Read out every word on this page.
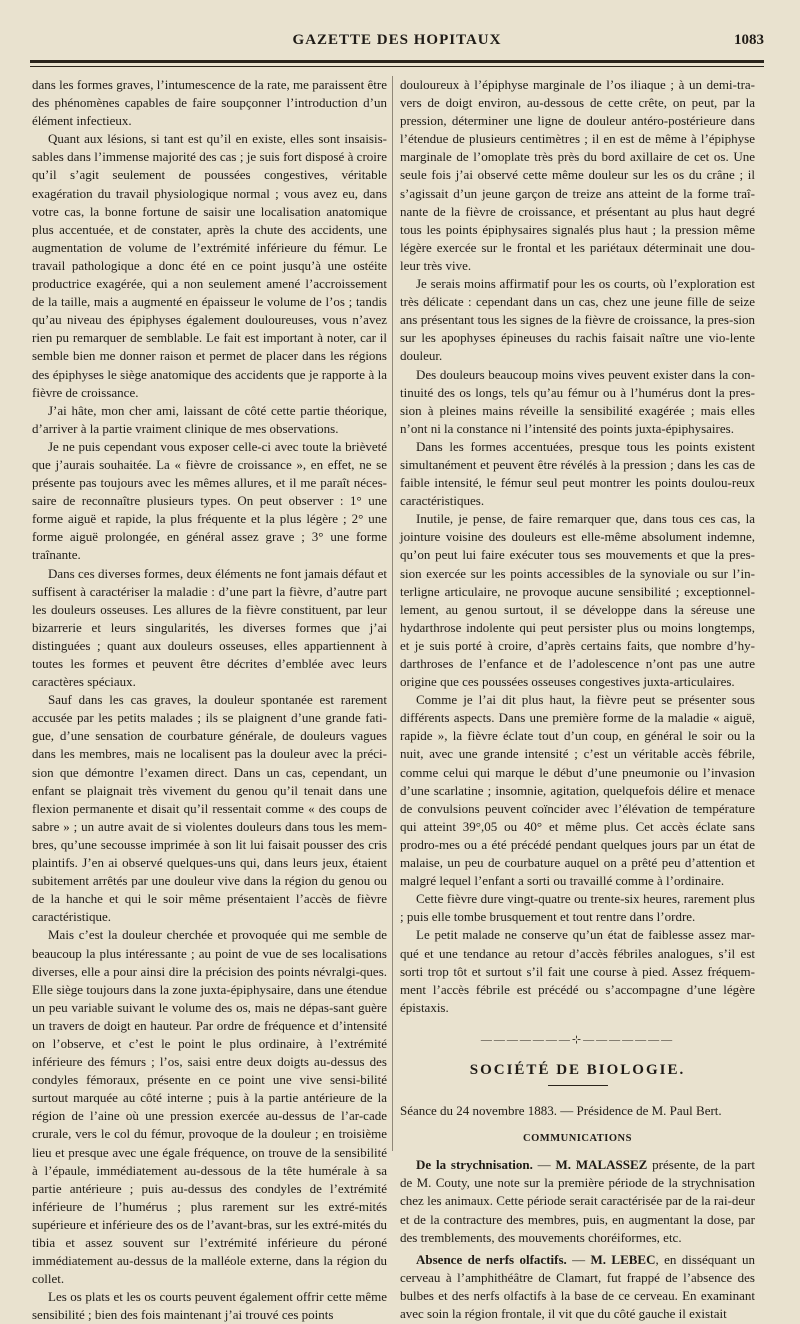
GAZETTE DES HOPITAUX	1083

dans les formes graves, l’intumescence de la rate, me paraissent être des phénomènes capables de faire soupçonner l’introduction d’un élément infectieux.

Quant aux lésions, si tant est qu’il en existe, elles sont insaisis-sables dans l’immense majorité des cas ; je suis fort disposé à croire qu’il s’agit seulement de poussées congestives, véritable exagération du travail physiologique normal ; vous avez eu, dans votre cas, la bonne fortune de saisir une localisation anatomique plus accentuée, et de constater, après la chute des accidents, une augmentation de volume de l’extrémité inférieure du fémur. Le travail pathologique a donc été en ce point jusqu’à une ostéite productrice exagérée, qui a non seulement amené l’accroissement de la taille, mais a augmenté en épaisseur le volume de l’os ; tandis qu’au niveau des épiphyses également douloureuses, vous n’avez rien pu remarquer de semblable. Le fait est important à noter, car il semble bien me donner raison et permet de placer dans les régions des épiphyses le siège anatomique des accidents que je rapporte à la fièvre de croissance.

J’ai hâte, mon cher ami, laissant de côté cette partie théorique, d’arriver à la partie vraiment clinique de mes observations.

Je ne puis cependant vous exposer celle-ci avec toute la brièveté que j’aurais souhaitée. La « fièvre de croissance », en effet, ne se présente pas toujours avec les mêmes allures, et il me paraît néces-saire de reconnaître plusieurs types. On peut observer : 1° une forme aiguë et rapide, la plus fréquente et la plus légère ; 2° une forme aiguë prolongée, en général assez grave ; 3° une forme traînante.

Dans ces diverses formes, deux éléments ne font jamais défaut et suffisent à caractériser la maladie : d’une part la fièvre, d’autre part les douleurs osseuses. Les allures de la fièvre constituent, par leur bizarrerie et leurs singularités, les diverses formes que j’ai distinguées ; quant aux douleurs osseuses, elles appartiennent à toutes les formes et peuvent être décrites d’emblée avec leurs caractères spéciaux.

Sauf dans les cas graves, la douleur spontanée est rarement accusée par les petits malades ; ils se plaignent d’une grande fati-gue, d’une sensation de courbature générale, de douleurs vagues dans les membres, mais ne localisent pas la douleur avec la préci-sion que démontre l’examen direct. Dans un cas, cependant, un enfant se plaignait très vivement du genou qu’il tenait dans une flexion permanente et disait qu’il ressentait comme « des coups de sabre » ; un autre avait de si violentes douleurs dans tous les mem-bres, qu’une secousse imprimée à son lit lui faisait pousser des cris plaintifs. J’en ai observé quelques-uns qui, dans leurs jeux, étaient subitement arrêtés par une douleur vive dans la région du genou ou de la hanche et qui le soir même présentaient l’accès de fièvre caractéristique.

Mais c’est la douleur cherchée et provoquée qui me semble de beaucoup la plus intéressante ; au point de vue de ses localisations diverses, elle a pour ainsi dire la précision des points névralgi-ques. Elle siège toujours dans la zone juxta-épiphysaire, dans une étendue un peu variable suivant le volume des os, mais ne dépas-sant guère un travers de doigt en hauteur. Par ordre de fréquence et d’intensité on l’observe, et c’est le point le plus ordinaire, à l’extrémité inférieure des fémurs ; l’os, saisi entre deux doigts au-dessus des condyles fémoraux, présente en ce point une vive sensi-bilité surtout marquée au côté interne ; puis à la partie antérieure de la région de l’aine où une pression exercée au-dessus de l’ar-cade crurale, vers le col du fémur, provoque de la douleur ; en troisième lieu et presque avec une égale fréquence, on trouve de la sensibilité à l’épaule, immédiatement au-dessous de la tête humérale à sa partie antérieure ; puis au-dessus des condyles de l’extrémité inférieure de l’humérus ; plus rarement sur les extré-mités supérieure et inférieure des os de l’avant-bras, sur les extré-mités du tibia et assez souvent sur l’extrémité inférieure du péroné immédiatement au-dessus de la malléole externe, dans la région du collet.

Les os plats et les os courts peuvent également offrir cette même sensibilité ; bien des fois maintenant j’ai trouvé ces points

douloureux à l’épiphyse marginale de l’os iliaque ; à un demi-tra-vers de doigt environ, au-dessous de cette crête, on peut, par la pression, déterminer une ligne de douleur antéro-postérieure dans l’étendue de plusieurs centimètres ; il en est de même à l’épiphyse marginale de l’omoplate très près du bord axillaire de cet os. Une seule fois j’ai observé cette même douleur sur les os du crâne ; il s’agissait d’un jeune garçon de treize ans atteint de la forme traî-nante de la fièvre de croissance, et présentant au plus haut degré tous les points épiphysaires signalés plus haut ; la pression même légère exercée sur le frontal et les pariétaux déterminait une dou-leur très vive.

Je serais moins affirmatif pour les os courts, où l’exploration est très délicate : cependant dans un cas, chez une jeune fille de seize ans présentant tous les signes de la fièvre de croissance, la pres-sion sur les apophyses épineuses du rachis faisait naître une vio-lente douleur.

Des douleurs beaucoup moins vives peuvent exister dans la con-tinuité des os longs, tels qu’au fémur ou à l’humérus dont la pres-sion à pleines mains réveille la sensibilité exagérée ; mais elles n’ont ni la constance ni l’intensité des points juxta-épiphysaires.

Dans les formes accentuées, presque tous les points existent simultanément et peuvent être révélés à la pression ; dans les cas de faible intensité, le fémur seul peut montrer les points doulou-reux caractéristiques.

Inutile, je pense, de faire remarquer que, dans tous ces cas, la jointure voisine des douleurs est elle-même absolument indemne, qu’on peut lui faire exécuter tous ses mouvements et que la pres-sion exercée sur les points accessibles de la synoviale ou sur l’in-terligne articulaire, ne provoque aucune sensibilité ; exceptionnel-lement, au genou surtout, il se développe dans la séreuse une hydarthrose indolente qui peut persister plus ou moins longtemps, et je suis porté à croire, d’après certains faits, que nombre d’hy-darthroses de l’enfance et de l’adolescence n’ont pas une autre origine que ces poussées osseuses congestives juxta-articulaires.

Comme je l’ai dit plus haut, la fièvre peut se présenter sous différents aspects. Dans une première forme de la maladie « aiguë, rapide », la fièvre éclate tout d’un coup, en général le soir ou la nuit, avec une grande intensité ; c’est un véritable accès fébrile, comme celui qui marque le début d’une pneumonie ou l’invasion d’une scarlatine ; insomnie, agitation, quelquefois délire et menace de convulsions peuvent coïncider avec l’élévation de température qui atteint 39°,05 ou 40° et même plus. Cet accès éclate sans prodro-mes ou a été précédé pendant quelques jours par un état de malaise, un peu de courbature auquel on a prêté peu d’attention et malgré lequel l’enfant a sorti ou travaillé comme à l’ordinaire.

Cette fièvre dure vingt-quatre ou trente-six heures, rarement plus ; puis elle tombe brusquement et tout rentre dans l’ordre.

Le petit malade ne conserve qu’un état de faiblesse assez mar-qué et une tendance au retour d’accès fébriles analogues, s’il est sorti trop tôt et surtout s’il fait une course à pied. Assez fréquem-ment l’accès fébrile est précédé ou s’accompagne d’une légère épistaxis.

———————⊹———————
SOCIÉTÉ DE BIOLOGIE.

Séance du 24 novembre 1883. — Présidence de M. Paul Bert.

COMMUNICATIONS

De la strychnisation. — M. MALASSEZ présente, de la part de M. Couty, une note sur la première période de la strychnisation chez les animaux. Cette période serait caractérisée par de la rai-deur et de la contracture des membres, puis, en augmentant la dose, par des tremblements, des mouvements choréiformes, etc.

Absence de nerfs olfactifs. — M. LEBEC, en disséquant un cerveau à l’amphithéâtre de Clamart, fut frappé de l’absence des bulbes et des nerfs olfactifs à la base de ce cerveau. En examinant avec soin la région frontale, il vit que du côté gauche il existait
